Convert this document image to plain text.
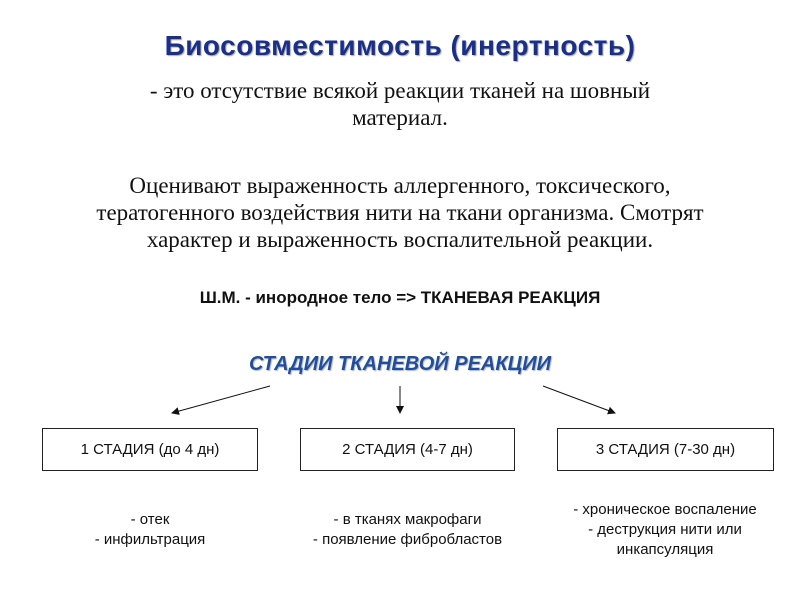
Биосовместимость (инертность)
- это отсутствие всякой реакции тканей на шовный
материал.
Оценивают выраженность аллергенного, токсического,
тератогенного воздействия нити на ткани организма. Смотрят
характер и выраженность воспалительной реакции.
Ш.М. - инородное тело => ТКАНЕВАЯ РЕАКЦИЯ
СТАДИИ ТКАНЕВОЙ РЕАКЦИИ
1 СТАДИЯ (до 4 дн)	2 СТАДИЯ (4-7 дн)	3 СТАДИЯ (7-30 дн)
- отек
- инфильтрация
- в тканях макрофаги
- появление фибробластов
- хроническое воспаление
- деструкция нити или
инкапсуляция
